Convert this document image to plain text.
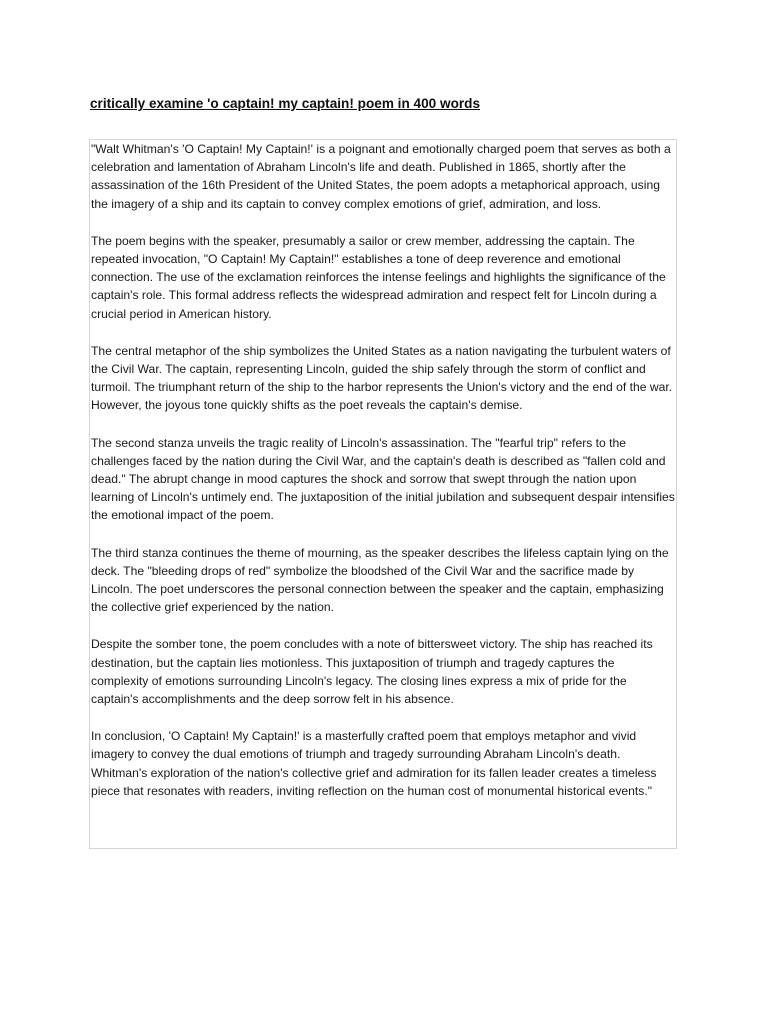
critically examine 'o captain! my captain! poem in 400 words

"Walt Whitman's 'O Captain! My Captain!' is a poignant and emotionally charged poem that serves as both a celebration and lamentation of Abraham Lincoln's life and death. Published in 1865, shortly after the assassination of the 16th President of the United States, the poem adopts a metaphorical approach, using the imagery of a ship and its captain to convey complex emotions of grief, admiration, and loss.

The poem begins with the speaker, presumably a sailor or crew member, addressing the captain. The repeated invocation, "O Captain! My Captain!" establishes a tone of deep reverence and emotional connection. The use of the exclamation reinforces the intense feelings and highlights the significance of the captain's role. This formal address reflects the widespread admiration and respect felt for Lincoln during a crucial period in American history.

The central metaphor of the ship symbolizes the United States as a nation navigating the turbulent waters of the Civil War. The captain, representing Lincoln, guided the ship safely through the storm of conflict and turmoil. The triumphant return of the ship to the harbor represents the Union's victory and the end of the war. However, the joyous tone quickly shifts as the poet reveals the captain's demise.

The second stanza unveils the tragic reality of Lincoln's assassination. The "fearful trip" refers to the challenges faced by the nation during the Civil War, and the captain's death is described as "fallen cold and dead." The abrupt change in mood captures the shock and sorrow that swept through the nation upon learning of Lincoln's untimely end. The juxtaposition of the initial jubilation and subsequent despair intensifies the emotional impact of the poem.

The third stanza continues the theme of mourning, as the speaker describes the lifeless captain lying on the deck. The "bleeding drops of red" symbolize the bloodshed of the Civil War and the sacrifice made by Lincoln. The poet underscores the personal connection between the speaker and the captain, emphasizing the collective grief experienced by the nation.

Despite the somber tone, the poem concludes with a note of bittersweet victory. The ship has reached its destination, but the captain lies motionless. This juxtaposition of triumph and tragedy captures the complexity of emotions surrounding Lincoln's legacy. The closing lines express a mix of pride for the captain's accomplishments and the deep sorrow felt in his absence.

In conclusion, 'O Captain! My Captain!' is a masterfully crafted poem that employs metaphor and vivid imagery to convey the dual emotions of triumph and tragedy surrounding Abraham Lincoln's death. Whitman's exploration of the nation's collective grief and admiration for its fallen leader creates a timeless piece that resonates with readers, inviting reflection on the human cost of monumental historical events."
